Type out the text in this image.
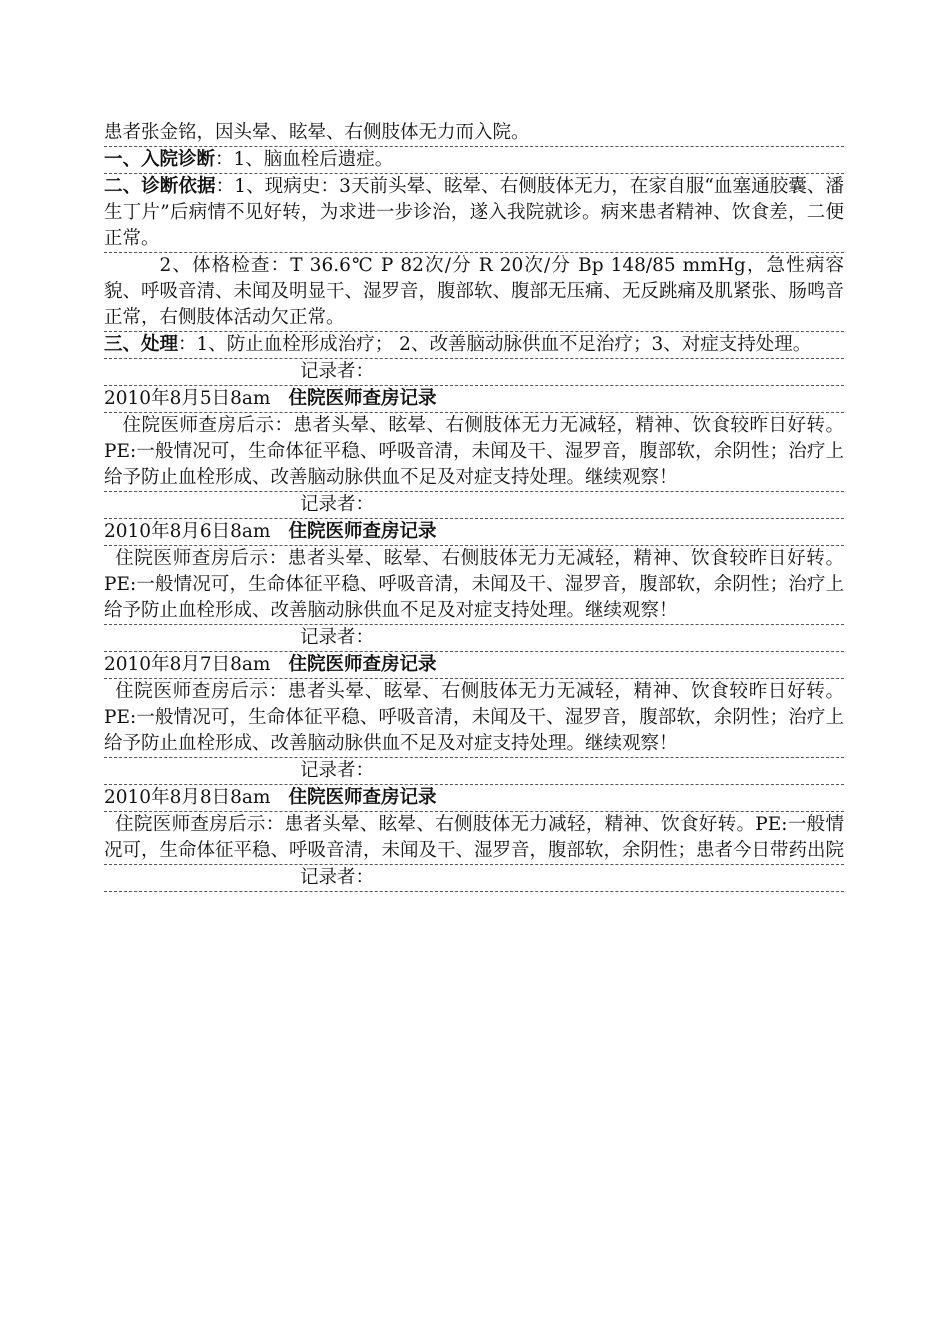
患者张金铭，因头晕、眩晕、右侧肢体无力而入院。
一、入院诊断：1、脑血栓后遗症。
二、诊断依据：1、现病史：3天前头晕、眩晕、右侧肢体无力，在家自服“血塞通胶囊、潘生丁片”后病情不见好转，为求进一步诊治，遂入我院就诊。病来患者精神、饮食差，二便正常。
2、体格检查：T 36.6℃ P 82次/分 R 20次/分 Bp 148/85 mmHg，急性病容貌、呼吸音清、未闻及明显干、湿罗音，腹部软、腹部无压痛、无反跳痛及肌紧张、肠鸣音正常，右侧肢体活动欠正常。
三、处理：1、防止血栓形成治疗； 2、改善脑动脉供血不足治疗；3、对症支持处理。
记录者：
2010年8月5日8am 住院医师查房记录
住院医师查房后示：患者头晕、眩晕、右侧肢体无力无减轻，精神、饮食较昨日好转。PE:一般情况可，生命体征平稳、呼吸音清，未闻及干、湿罗音，腹部软，余阴性；治疗上给予防止血栓形成、改善脑动脉供血不足及对症支持处理。继续观察！
记录者：
2010年8月6日8am 住院医师查房记录
住院医师查房后示：患者头晕、眩晕、右侧肢体无力无减轻，精神、饮食较昨日好转。PE:一般情况可，生命体征平稳、呼吸音清，未闻及干、湿罗音，腹部软，余阴性；治疗上给予防止血栓形成、改善脑动脉供血不足及对症支持处理。继续观察！
记录者：
2010年8月7日8am 住院医师查房记录
住院医师查房后示：患者头晕、眩晕、右侧肢体无力无减轻，精神、饮食较昨日好转。PE:一般情况可，生命体征平稳、呼吸音清，未闻及干、湿罗音，腹部软，余阴性；治疗上给予防止血栓形成、改善脑动脉供血不足及对症支持处理。继续观察！
记录者：
2010年8月8日8am 住院医师查房记录
住院医师查房后示：患者头晕、眩晕、右侧肢体无力减轻，精神、饮食好转。PE:一般情况可，生命体征平稳、呼吸音清，未闻及干、湿罗音，腹部软，余阴性；患者今日带药出院
记录者：
